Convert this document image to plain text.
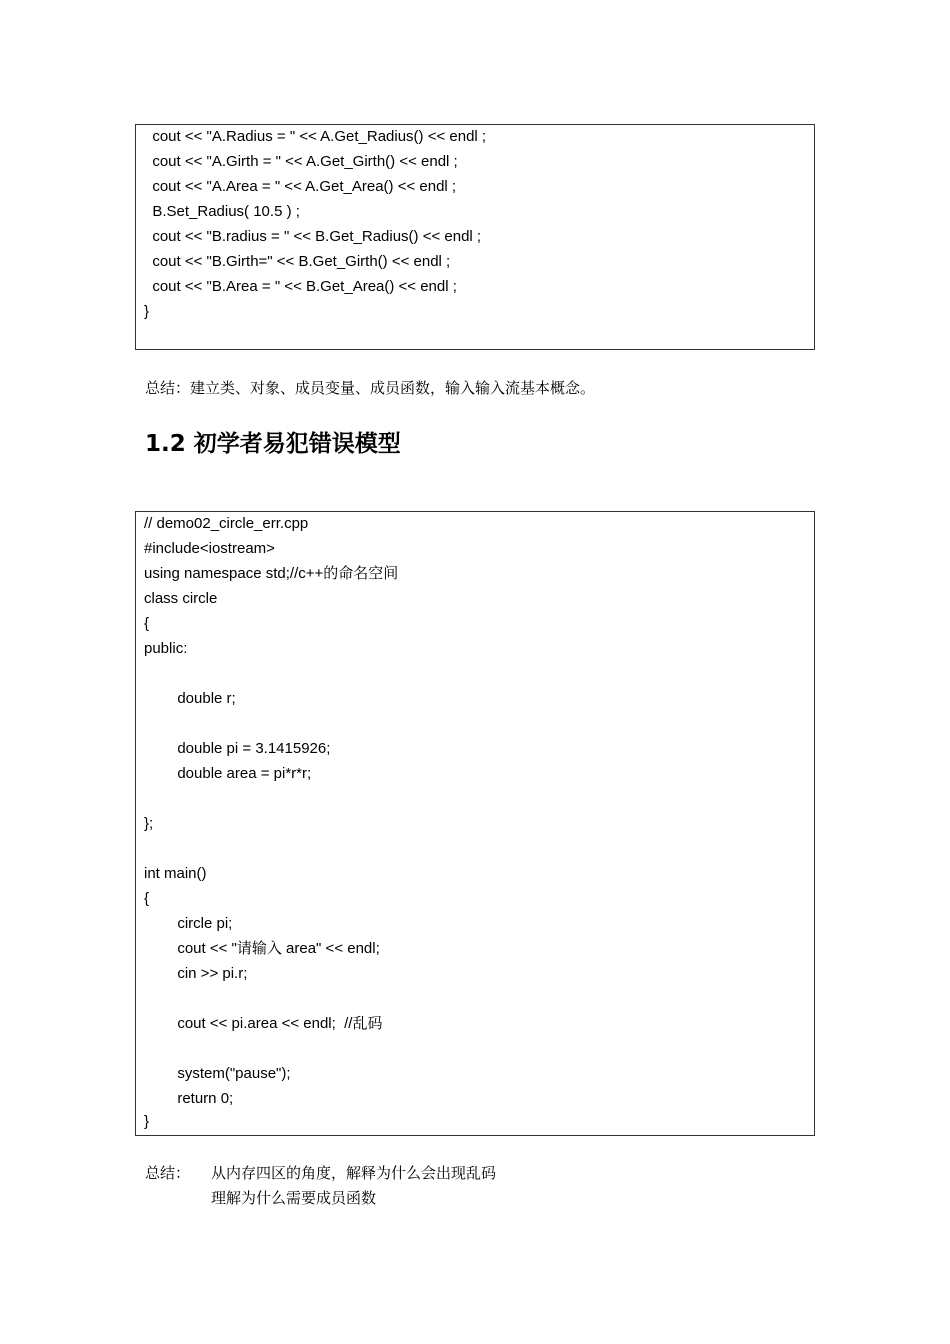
cout << "A.Radius = " << A.Get_Radius() << endl ;
cout << "A.Girth = " << A.Get_Girth() << endl ;
cout << "A.Area = " << A.Get_Area() << endl ;
B.Set_Radius( 10.5 ) ;
cout << "B.radius = " << B.Get_Radius() << endl ;
cout << "B.Girth=" << B.Get_Girth() << endl ;
cout << "B.Area = " << B.Get_Area() << endl ;
}
总结：建立类、对象、成员变量、成员函数，输入输入流基本概念。
1.2 初学者易犯错误模型
// demo02_circle_err.cpp
#include<iostream>
using namespace std;//c++的命名空间
class circle
{
public:
double r;
double pi = 3.1415926;
double area = pi*r*r;
};
int main()
{
circle pi;
cout << "请输入 area" << endl;
cin >> pi.r;
cout << pi.area << endl;  //乱码
system("pause");
return 0;
}
总结： 从内存四区的角度，解释为什么会出现乱码
理解为什么需要成员函数
